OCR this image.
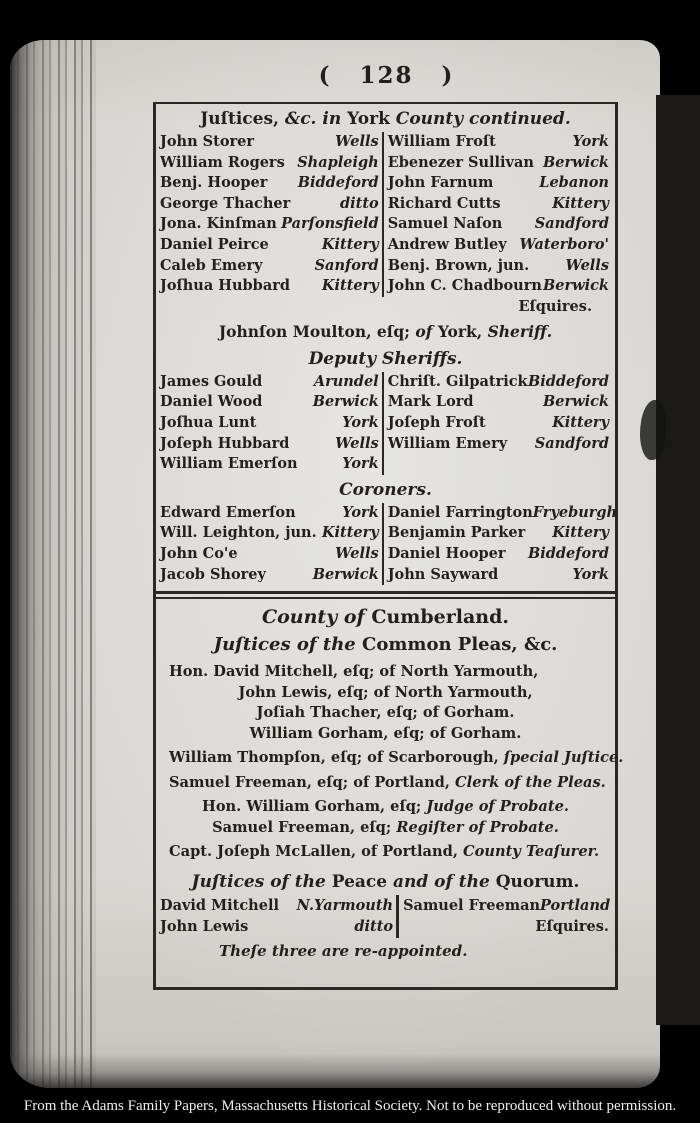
( 128 )
Juſtices, &c. in York County continued.
John Storer	Wells
William Rogers Shapleigh
Benj. Hooper Biddeford
George Thacher	ditto
Jona. Kinſman Parſonsfield
Daniel Peirce	Kittery
Caleb Emery	Sanford
Joſhua Hubbard Kittery
William Froſt	York
Ebenezer Sullivan Berwick
John Farnum	Lebanon
Richard Cutts	Kittery
Samuel Naſon Sandford
Andrew Butley Waterboro'
Benj. Brown, jun.	Wells
John C. Chadbourn Berwick
Eſquires.
Johnſon Moulton, eſq; of York, Sheriff.
Deputy Sheriffs.
James Gould	Arundel
Daniel Wood	Berwick
Joſhua Lunt	York
Joſeph Hubbard	Wells
William Emerſon	York
Chriſt. Gilpatrick Biddeford
Mark Lord	Berwick
Joſeph Froſt	Kittery
William Emery Sandford
Coroners.
Edward Emerſon	York
Will. Leighton, jun. Kittery
John Co'e	Wells
Jacob Shorey	Berwick
Daniel Farrington Fryeburgh
Benjamin Parker Kittery
Daniel Hooper Biddeford
John Sayward	York
County of Cumberland.
Juſtices of the Common Pleas, &c.
Hon. David Mitchell, eſq; of North Yarmouth,
John Lewis, eſq; of North Yarmouth,
Joſiah Thacher, eſq; of Gorham.
William Gorham, eſq; of Gorham.
William Thompſon, eſq; of Scarborough, ſpecial Juſtice.
Samuel Freeman, eſq; of Portland, Clerk of the Pleas.
Hon. William Gorham, eſq; Judge of Probate.
Samuel Freeman, eſq; Regiſter of Probate.
Capt. Joſeph McLallen, of Portland, County Teaſurer.
Juſtices of the Peace and of the Quorum.
David Mitchell N.Yarmouth
John Lewis	ditto
Samuel Freeman Portland
Eſquires.
Theſe three are re-appointed.
From the Adams Family Papers, Massachusetts Historical Society. Not to be reproduced without permission.
